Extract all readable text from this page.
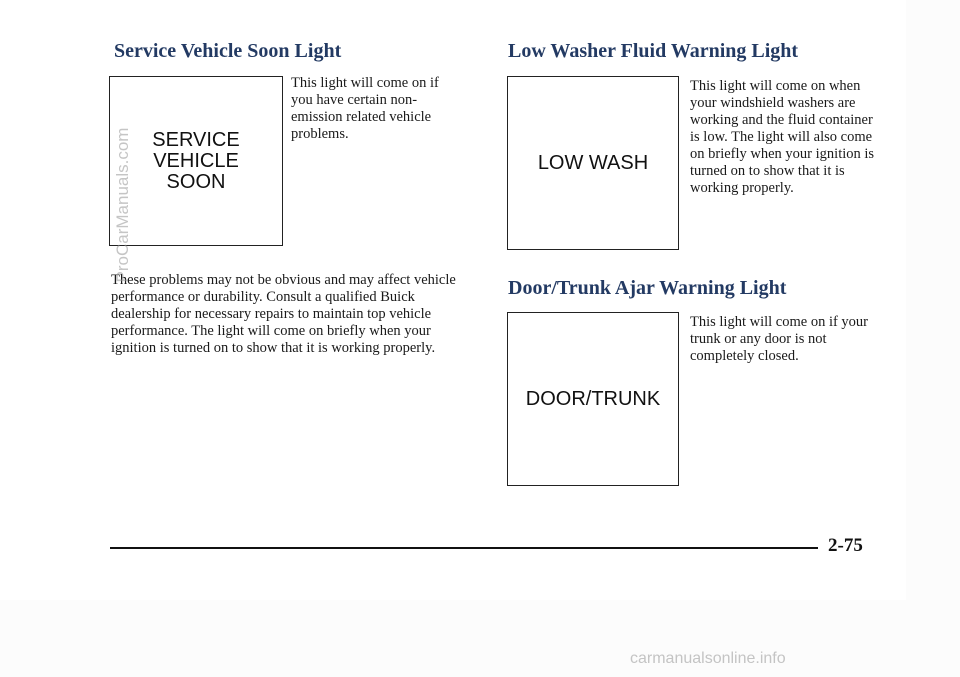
Service Vehicle Soon Light
SERVICE VEHICLE
SOON

This light will come on if you have certain non-emission related vehicle problems.

These problems may not be obvious and may affect vehicle performance or durability. Consult a qualified Buick dealership for necessary repairs to maintain top vehicle performance. The light will come on briefly when your ignition is turned on to show that it is working properly.

Low Washer Fluid Warning Light
LOW WASH

This light will come on when your windshield washers are working and the fluid container is low. The light will also come on briefly when your ignition is turned on to show that it is working properly.

Door/Trunk Ajar Warning Light
DOOR/TRUNK

This light will come on if your trunk or any door is not completely closed.

2-75
ProCarManuals.com
carmanualsonline.info
